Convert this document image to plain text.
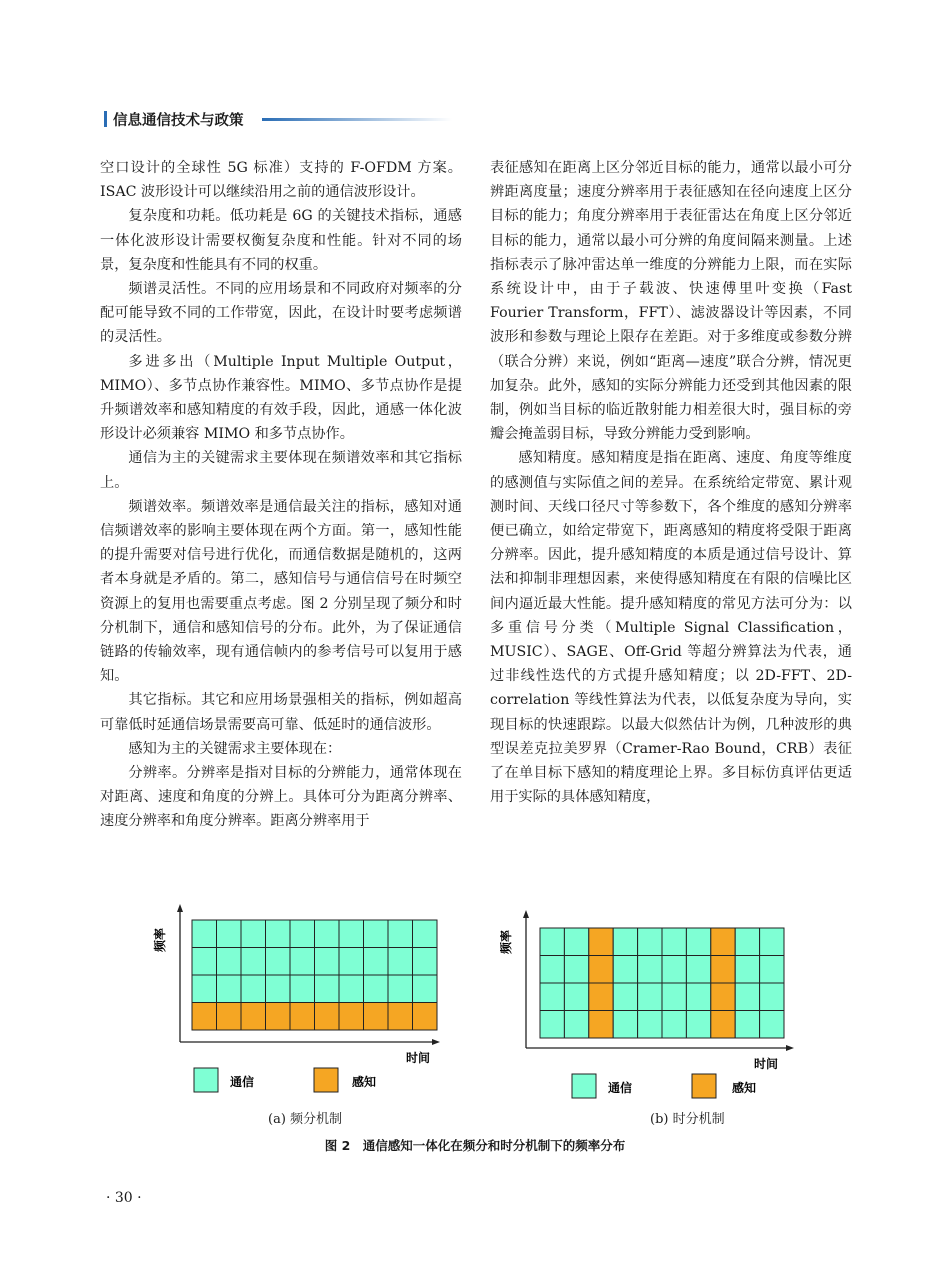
信息通信技术与政策

空口设计的全球性 5G 标准）支持的 F-OFDM 方案。ISAC 波形设计可以继续沿用之前的通信波形设计。

复杂度和功耗。低功耗是 6G 的关键技术指标，通感一体化波形设计需要权衡复杂度和性能。针对不同的场景，复杂度和性能具有不同的权重。

频谱灵活性。不同的应用场景和不同政府对频率的分配可能导致不同的工作带宽，因此，在设计时要考虑频谱的灵活性。

多进多出（Multiple Input Multiple Output，MIMO）、多节点协作兼容性。MIMO、多节点协作是提升频谱效率和感知精度的有效手段，因此，通感一体化波形设计必须兼容 MIMO 和多节点协作。

通信为主的关键需求主要体现在频谱效率和其它指标上。

频谱效率。频谱效率是通信最关注的指标，感知对通信频谱效率的影响主要体现在两个方面。第一，感知性能的提升需要对信号进行优化，而通信数据是随机的，这两者本身就是矛盾的。第二，感知信号与通信信号在时频空资源上的复用也需要重点考虑。图 2 分别呈现了频分和时分机制下，通信和感知信号的分布。此外，为了保证通信链路的传输效率，现有通信帧内的参考信号可以复用于感知。

其它指标。其它和应用场景强相关的指标，例如超高可靠低时延通信场景需要高可靠、低延时的通信波形。

感知为主的关键需求主要体现在：

分辨率。分辨率是指对目标的分辨能力，通常体现在对距离、速度和角度的分辨上。具体可分为距离分辨率、速度分辨率和角度分辨率。距离分辨率用于

表征感知在距离上区分邻近目标的能力，通常以最小可分辨距离度量；速度分辨率用于表征感知在径向速度上区分目标的能力；角度分辨率用于表征雷达在角度上区分邻近目标的能力，通常以最小可分辨的角度间隔来测量。上述指标表示了脉冲雷达单一维度的分辨能力上限，而在实际系统设计中，由于子载波、快速傅里叶变换（Fast Fourier Transform，FFT）、滤波器设计等因素，不同波形和参数与理论上限存在差距。对于多维度或参数分辨（联合分辨）来说，例如“距离—速度”联合分辨，情况更加复杂。此外，感知的实际分辨能力还受到其他因素的限制，例如当目标的临近散射能力相差很大时，强目标的旁瓣会掩盖弱目标，导致分辨能力受到影响。

感知精度。感知精度是指在距离、速度、角度等维度的感测值与实际值之间的差异。在系统给定带宽、累计观测时间、天线口径尺寸等参数下，各个维度的感知分辨率便已确立，如给定带宽下，距离感知的精度将受限于距离分辨率。因此，提升感知精度的本质是通过信号设计、算法和抑制非理想因素，来使得感知精度在有限的信噪比区间内逼近最大性能。提升感知精度的常见方法可分为：以多重信号分类（Multiple Signal Classification，MUSIC）、SAGE、Off-Grid 等超分辨算法为代表，通过非线性迭代的方式提升感知精度；以 2D-FFT、2D-correlation 等线性算法为代表，以低复杂度为导向，实现目标的快速跟踪。以最大似然估计为例，几种波形的典型误差克拉美罗界（Cramer-Rao Bound，CRB）表征了在单目标下感知的精度理论上界。多目标仿真评估更适用于实际的具体感知精度，

频率
时间
通信	感知
(a) 频分机制
频率
时间
通信	感知
(b) 时分机制
图 2　通信感知一体化在频分和时分机制下的频率分布
· 30 ·
